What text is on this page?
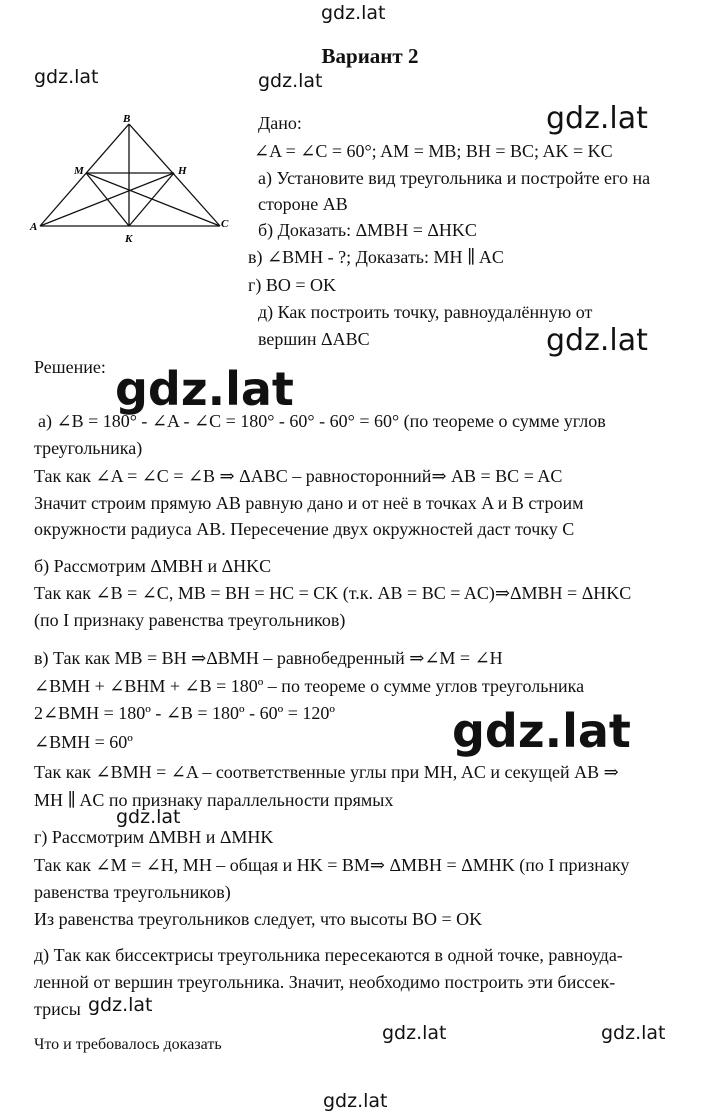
gdz.lat
gdz.lat	gdz.lat
gdz.lat
gdz.lat
gdz.lat
gdz.lat
gdz.lat
gdz.lat
gdz.lat	gdz.lat
gdz.lat
Вариант 2
B
M	H
A
K
C
Дано:
∠A = ∠C = 60°; AM = MB; BH = BC; AK = KC
а) Установите вид треугольника и постройте его на
стороне AB
б) Доказать: ΔMBH = ΔHKC
в) ∠BMH - ?; Доказать: MH ∥ AC
г) BO = OK
д) Как построить точку, равноудалённую от
вершин ΔABC
Решение:
а) ∠B = 180° - ∠A - ∠C = 180° - 60° - 60° = 60° (по теореме о сумме углов
треугольника)
Так как ∠A = ∠C = ∠B ⇒ ΔABC – равносторонний⇒ AB = BC = AC
Значит строим прямую AB равную дано и от неё в точках A и B строим
окружности радиуса AB. Пересечение двух окружностей даст точку C
б) Рассмотрим ΔMBH и ΔHKC
Так как ∠B = ∠C, MB = BH = HC = CK (т.к. AB = BC = AC)⇒ΔMBH = ΔHKC
(по I признаку равенства треугольников)
в) Так как MB = BH ⇒ΔBMH – равнобедренный ⇒∠M = ∠H
∠BMH + ∠BHM + ∠B = 180º – по теореме о сумме углов треугольника
2∠BMH = 180º - ∠B = 180º - 60º = 120º
∠BMH = 60º
Так как ∠BMH = ∠A – соответственные углы при MH, AC и секущей AB ⇒
MH ∥ AC по признаку параллельности прямых
г) Рассмотрим ΔMBH и ΔMHK
Так как ∠M = ∠H, MH – общая и HK = BM⇒ ΔMBH = ΔMHK (по I признаку
равенства треугольников)
Из равенства треугольников следует, что высоты BO = OK
д) Так как биссектрисы треугольника пересекаются в одной точке, равноуда-
ленной от вершин треугольника. Значит, необходимо построить эти биссек-
трисы
Что и требовалось доказать
